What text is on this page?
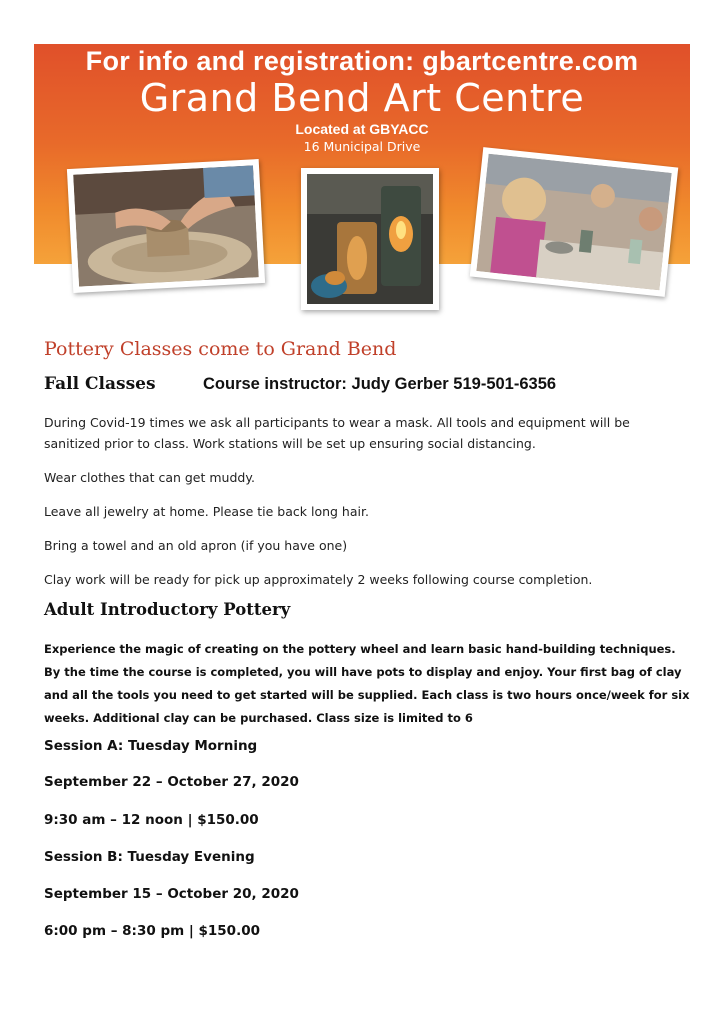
For info and registration: gbartcentre.com
Grand Bend Art Centre
Located at GBYACC
16 Municipal Drive
Pottery Classes come to Grand Bend
Fall Classes	Course instructor: Judy Gerber 519-501-6356
During Covid-19 times we ask all participants to wear a mask. All tools and equipment will be sanitized prior to class. Work stations will be set up ensuring social distancing.
Wear clothes that can get muddy.
Leave all jewelry at home. Please tie back long hair.
Bring a towel and an old apron (if you have one)
Clay work will be ready for pick up approximately 2 weeks following course completion.
Adult Introductory Pottery
Experience the magic of creating on the pottery wheel and learn basic hand-building techniques. By the time the course is completed, you will have pots to display and enjoy. Your first bag of clay and all the tools you need to get started will be supplied. Each class is two hours once/week for six weeks. Additional clay can be purchased. Class size is limited to 6
Session A: Tuesday Morning
September 22 – October 27, 2020
9:30 am – 12 noon | $150.00
Session B: Tuesday Evening
September 15 – October 20, 2020
6:00 pm – 8:30 pm | $150.00
